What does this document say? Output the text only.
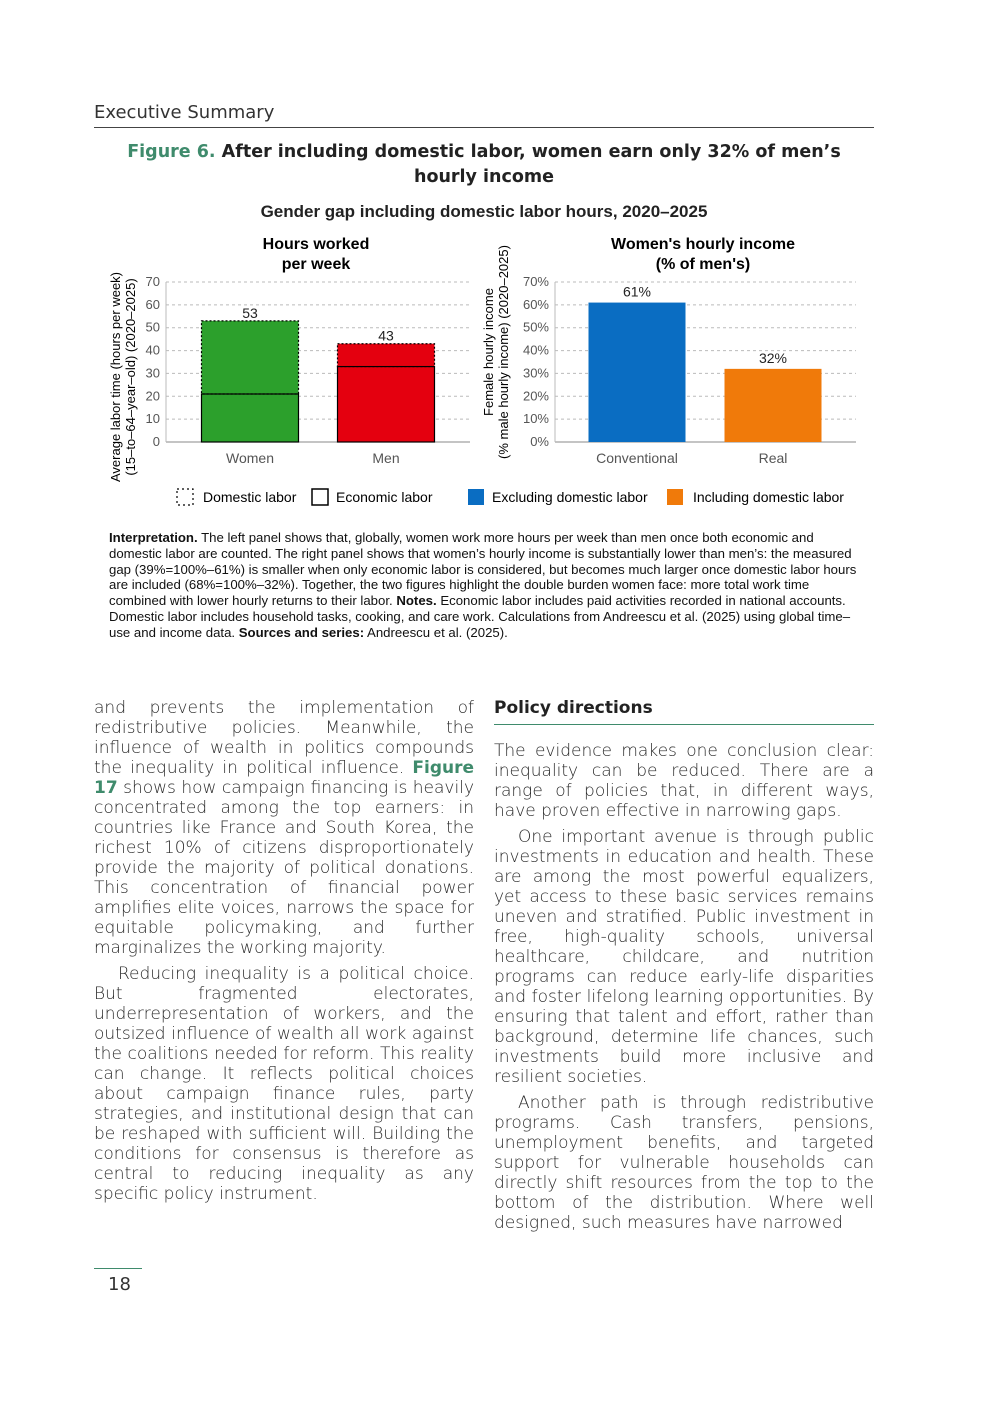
Executive Summary
Figure 6. After including domestic labor, women earn only 32% of men’s hourly income
Gender gap including domestic labor hours, 2020–2025
Hours worked
per week
Average labor time (hours per week) (15–to–64–year–old) (2020–2025) 0
10
20
30
40
50
60
70
53
43
Women	Men
Women's hourly income
(% of men's)
Female hourly income (% male hourly income) (2020–2025) 0%
10%
20%
30%
40%
50%
60%
70%
61%
32%
Conventional	Real
Domestic labor	Economic labor	Excluding domestic labor	Including domestic labor
Interpretation. The left panel shows that, globally, women work more hours per week than men once both economic and domestic labor are counted. The right panel shows that women’s hourly income is substantially lower than men’s: the measured gap (39%=100%–61%) is smaller when only economic labor is considered, but becomes much larger once domestic labor hours are included (68%=100%–32%). Together, the two figures highlight the double burden women face: more total work time combined with lower hourly returns to their labor. Notes. Economic labor includes paid activities recorded in national accounts. Domestic labor includes household tasks, cooking, and care work. Calculations from Andreescu et al. (2025) using global time–use and income data. Sources and series: Andreescu et al. (2025).

and prevents the implementation of redistributive policies. Meanwhile, the influence of wealth in politics compounds the inequality in political influence. Figure 17 shows how campaign financing is heavily concentrated among the top earners: in countries like France and South Korea, the richest 10% of citizens disproportionately provide the majority of political donations. This concentration of financial power amplifies elite voices, narrows the space for equitable policymaking, and further marginalizes the working majority.

Reducing inequality is a political choice. But fragmented electorates, underrepresentation of workers, and the outsized influence of wealth all work against the coalitions needed for reform. This reality can change. It reflects political choices about campaign finance rules, party strategies, and institutional design that can be reshaped with sufficient will. Building the conditions for consensus is therefore as central to reducing inequality as any specific policy instrument.

Policy directions

The evidence makes one conclusion clear: inequality can be reduced. There are a range of policies that, in different ways, have proven effective in narrowing gaps.

One important avenue is through public investments in education and health. These are among the most powerful equalizers, yet access to these basic services remains uneven and stratified. Public investment in free, high-quality schools, universal healthcare, childcare, and nutrition programs can reduce early-life disparities and foster lifelong learning opportunities. By ensuring that talent and effort, rather than background, determine life chances, such investments build more inclusive and resilient societies.

Another path is through redistributive programs. Cash transfers, pensions, unemployment benefits, and targeted support for vulnerable households can directly shift resources from the top to the bottom of the distribution. Where well designed, such measures have narrowed

18
